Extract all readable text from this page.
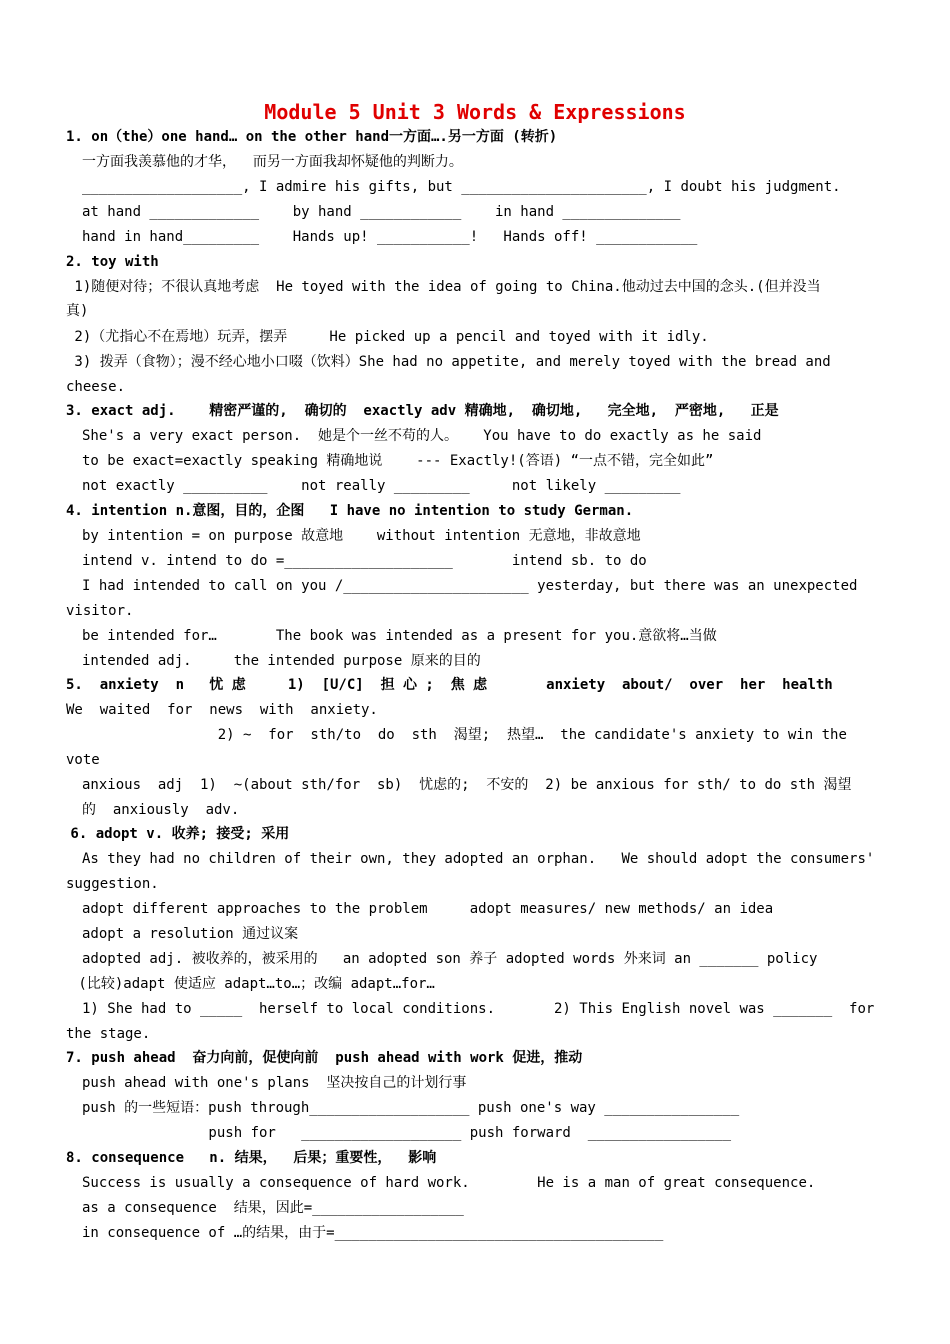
Module 5 Unit 3 Words & Expressions
1. on（the）one hand… on the other hand一方面….另一方面 (转折)
一方面我羡慕他的才华，  而另一方面我却怀疑他的判断力。
___________________, I admire his gifts, but ______________________, I doubt his judgment.
at hand _____________    by hand ____________    in hand ______________
hand in hand_________    Hands up! ___________!   Hands off! ____________
2. toy with
1)随便对待；不很认真地考虑  He toyed with the idea of going to China.他动过去中国的念头.(但并没当
真)
2)（尤指心不在焉地）玩弄，摆弄     He picked up a pencil and toyed with it idly.
3) 拨弄（食物）；漫不经心地小口啜（饮料）She had no appetite, and merely toyed with the bread and
cheese.
3. exact adj.    精密严谨的,  确切的  exactly adv 精确地,  确切地,   完全地,  严密地,   正是
She's a very exact person.  她是个一丝不苟的人。   You have to do exactly as he said
to be exact=exactly speaking 精确地说    --- Exactly!(答语) “一点不错，完全如此”
not exactly __________    not really _________     not likely _________
4. intention n.意图，目的，企图   I have no intention to study German.
by intention = on purpose 故意地    without intention 无意地，非故意地
intend v. intend to do =____________________       intend sb. to do
I had intended to call on you /______________________ yesterday, but there was an unexpected
visitor.
be intended for…       The book was intended as a present for you.意欲将…当做
intended adj.     the intended purpose 原来的目的
5.  anxiety  n   忧 虑     1)  [U/C]  担 心 ;  焦 虑       anxiety  about/  over  her  health
We  waited  for  news  with  anxiety.
2) ~  for  sth/to  do  sth  渴望;  热望…  the candidate's anxiety to win the
vote
anxious  adj  1)  ~(about sth/for  sb)  忧虑的;  不安的  2) be anxious for sth/ to do sth 渴望
的  anxiously  adv.
6. adopt v. 收养; 接受; 采用
As they had no children of their own, they adopted an orphan.   We should adopt the consumers'
suggestion.
adopt different approaches to the problem     adopt measures/ new methods/ an idea
adopt a resolution 通过议案
adopted adj. 被收养的，被采用的   an adopted son 养子 adopted words 外来词 an _______ policy
(比较)adapt 使适应 adapt…to…；改编 adapt…for…
1) She had to _____  herself to local conditions.       2) This English novel was _______  for
the stage.
7. push ahead  奋力向前，促使向前  push ahead with work 促进，推动
push ahead with one's plans  坚决按自己的计划行事
push 的一些短语：push through___________________ push one's way ________________
push for   ___________________ push forward  _________________
8. consequence   n. 结果，  后果；重要性，  影响
Success is usually a consequence of hard work.        He is a man of great consequence.
as a consequence  结果，因此=__________________
in consequence of …的结果，由于=_______________________________________
